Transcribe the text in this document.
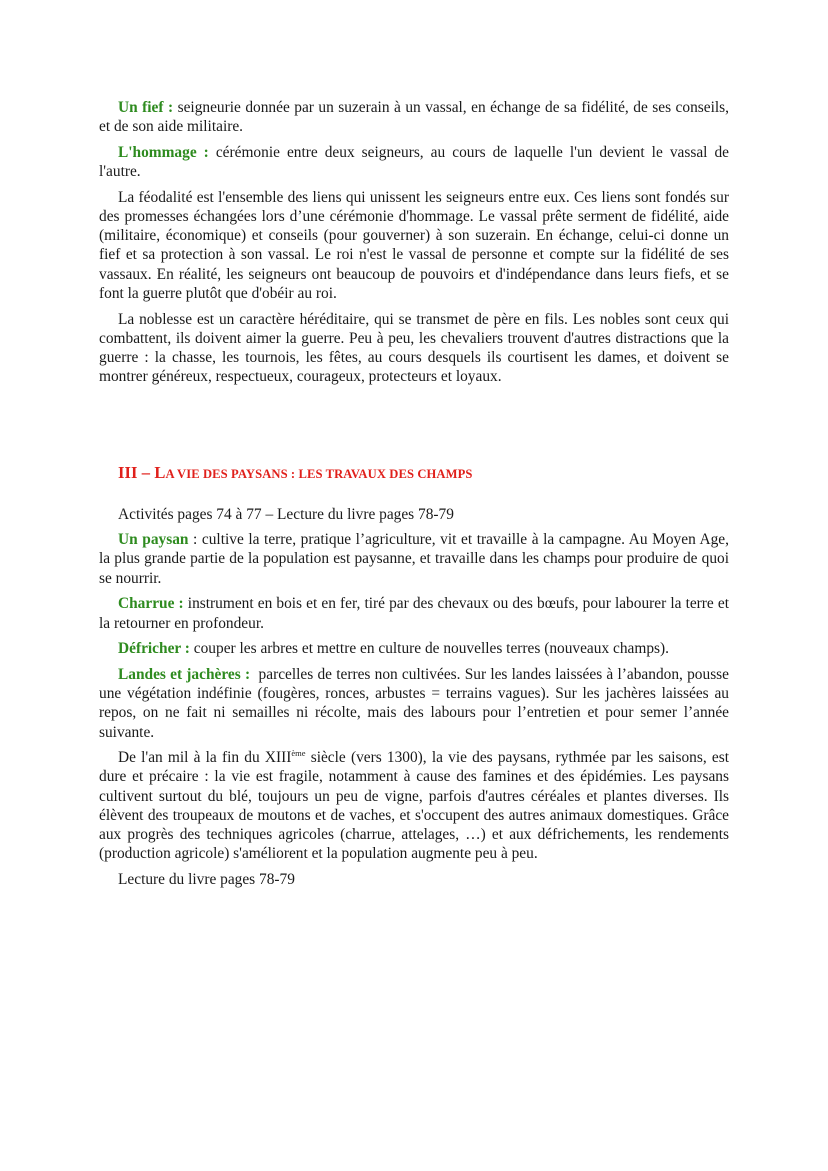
Un fief : seigneurie donnée par un suzerain à un vassal, en échange de sa fidélité, de ses conseils, et de son aide militaire.

L'hommage : cérémonie entre deux seigneurs, au cours de laquelle l'un devient le vassal de l'autre.

La féodalité est l'ensemble des liens qui unissent les seigneurs entre eux. Ces liens sont fondés sur des promesses échangées lors d’une cérémonie d'hommage. Le vassal prête serment de fidélité, aide (militaire, économique) et conseils (pour gouverner) à son suzerain. En échange, celui-ci donne un fief et sa protection à son vassal. Le roi n'est le vassal de personne et compte sur la fidélité de ses vassaux. En réalité, les seigneurs ont beaucoup de pouvoirs et d'indépendance dans leurs fiefs, et se font la guerre plutôt que d'obéir au roi.

La noblesse est un caractère héréditaire, qui se transmet de père en fils. Les nobles sont ceux qui combattent, ils doivent aimer la guerre. Peu à peu, les chevaliers trouvent d'autres distractions que la guerre : la chasse, les tournois, les fêtes, au cours desquels ils courtisent les dames, et doivent se montrer généreux, respectueux, courageux, protecteurs et loyaux.

III – LA VIE DES PAYSANS : LES TRAVAUX DES CHAMPS

Activités pages 74 à 77 – Lecture du livre pages 78-79

Un paysan : cultive la terre, pratique l’agriculture, vit et travaille à la campagne. Au Moyen Age, la plus grande partie de la population est paysanne, et travaille dans les champs pour produire de quoi se nourrir.

Charrue : instrument en bois et en fer, tiré par des chevaux ou des bœufs, pour labourer la terre et la retourner en profondeur.

Défricher : couper les arbres et mettre en culture de nouvelles terres (nouveaux champs).

Landes et jachères :  parcelles de terres non cultivées. Sur les landes laissées à l’abandon, pousse une végétation indéfinie (fougères, ronces, arbustes = terrains vagues). Sur les jachères laissées au repos, on ne fait ni semailles ni récolte, mais des labours pour l’entretien et pour semer l’année suivante.

De l'an mil à la fin du XIIIème siècle (vers 1300), la vie des paysans, rythmée par les saisons, est dure et précaire : la vie est fragile, notamment à cause des famines et des épidémies. Les paysans cultivent surtout du blé, toujours un peu de vigne, parfois d'autres céréales et plantes diverses. Ils élèvent des troupeaux de moutons et de vaches, et s'occupent des autres animaux domestiques. Grâce aux progrès des techniques agricoles (charrue, attelages, …) et aux défrichements, les rendements (production agricole) s'améliorent et la population augmente peu à peu.

Lecture du livre pages 78-79
